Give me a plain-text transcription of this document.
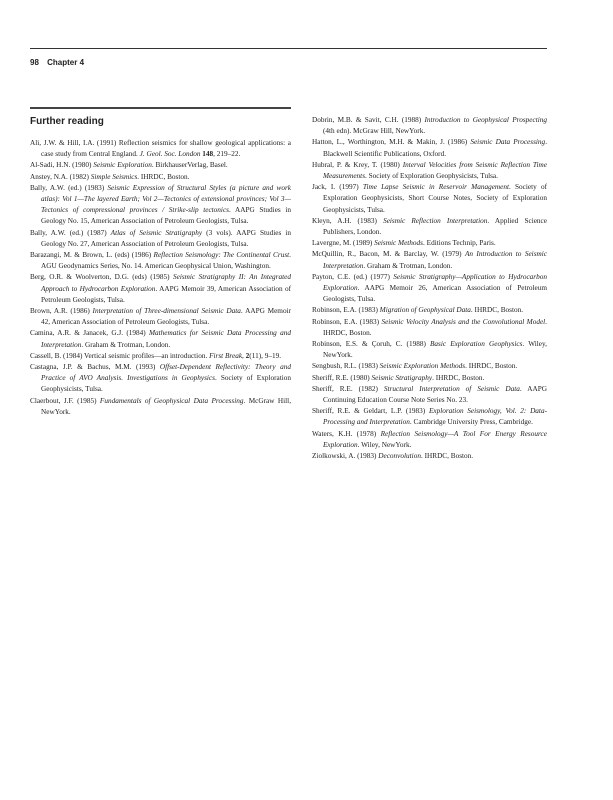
98 Chapter 4
Further reading
Ali, J.W. & Hill, I.A. (1991) Reflection seismics for shallow geological applications: a case study from Central England. J. Geol. Soc. London 148, 219–22.
Al-Sadi, H.N. (1980) Seismic Exploration. BirkhauserVerlag, Basel.
Anstey, N.A. (1982) Simple Seismics. IHRDC, Boston.
Bally, A.W. (ed.) (1983) Seismic Expression of Structural Styles (a picture and work atlas): Vol 1—The layered Earth; Vol 2—Tectonics of extensional provinces; Vol 3—Tectonics of compressional provinces / Strike-slip tectonics. AAPG Studies in Geology No. 15, American Association of Petroleum Geologists, Tulsa.
Bally, A.W. (ed.) (1987) Atlas of Seismic Stratigraphy (3 vols). AAPG Studies in Geology No. 27, American Association of Petroleum Geologists, Tulsa.
Barazangi, M. & Brown, L. (eds) (1986) Reflection Seismology: The Continental Crust. AGU Geodynamics Series, No. 14. American Geophysical Union, Washington.
Berg, O.R. & Woolverton, D.G. (eds) (1985) Seismic Stratigraphy II: An Integrated Approach to Hydrocarbon Exploration. AAPG Memoir 39, American Association of Petroleum Geologists, Tulsa.
Brown, A.R. (1986) Interpretation of Three-dimensional Seismic Data. AAPG Memoir 42, American Association of Petroleum Geologists, Tulsa.
Camina, A.R. & Janacek, G.J. (1984) Mathematics for Seismic Data Processing and Interpretation. Graham & Trotman, London.
Cassell, B. (1984) Vertical seismic profiles—an introduction. First Break, 2(11), 9–19.
Castagna, J.P. & Bachus, M.M. (1993) Offset-Dependent Reflectivity: Theory and Practice of AVO Analysis. Investigations in Geophysics. Society of Exploration Geophysicists, Tulsa.
Claerbout, J.F. (1985) Fundamentals of Geophysical Data Processing. McGraw Hill, NewYork.
Dobrin, M.B. & Savit, C.H. (1988) Introduction to Geophysical Prospecting (4th edn). McGraw Hill, NewYork.
Hatton, L., Worthington, M.H. & Makin, J. (1986) Seismic Data Processing. Blackwell Scientific Publications, Oxford.
Hubral, P. & Krey, T. (1980) Interval Velocities from Seismic Reflection Time Measurements. Society of Exploration Geophysicists, Tulsa.
Jack, I. (1997) Time Lapse Seismic in Reservoir Management. Society of Exploration Geophysicists, Short Course Notes, Society of Exploration Geophysicists, Tulsa.
Kleyn, A.H. (1983) Seismic Reflection Interpretation. Applied Science Publishers, London.
Lavergne, M. (1989) Seismic Methods. Editions Technip, Paris.
McQuillin, R., Bacon, M. & Barclay, W. (1979) An Introduction to Seismic Interpretation. Graham & Trotman, London.
Payton, C.E. (ed.) (1977) Seismic Stratigraphy—Application to Hydrocarbon Exploration. AAPG Memoir 26, American Association of Petroleum Geologists, Tulsa.
Robinson, E.A. (1983) Migration of Geophysical Data. IHRDC, Boston.
Robinson, E.A. (1983) Seismic Velocity Analysis and the Convolutional Model. IHRDC, Boston.
Robinson, E.S. & Çoruh, C. (1988) Basic Exploration Geophysics. Wiley, NewYork.
Sengbush, R.L. (1983) Seismic Exploration Methods. IHRDC, Boston.
Sheriff, R.E. (1980) Seismic Stratigraphy. IHRDC, Boston.
Sheriff, R.E. (1982) Structural Interpretation of Seismic Data. AAPG Continuing Education Course Note Series No. 23.
Sheriff, R.E. & Geldart, L.P. (1983) Exploration Seismology, Vol. 2: Data-Processing and Interpretation. Cambridge University Press, Cambridge.
Waters, K.H. (1978) Reflection Seismology—A Tool For Energy Resource Exploration. Wiley, NewYork.
Ziolkowski, A. (1983) Deconvolution. IHRDC, Boston.
